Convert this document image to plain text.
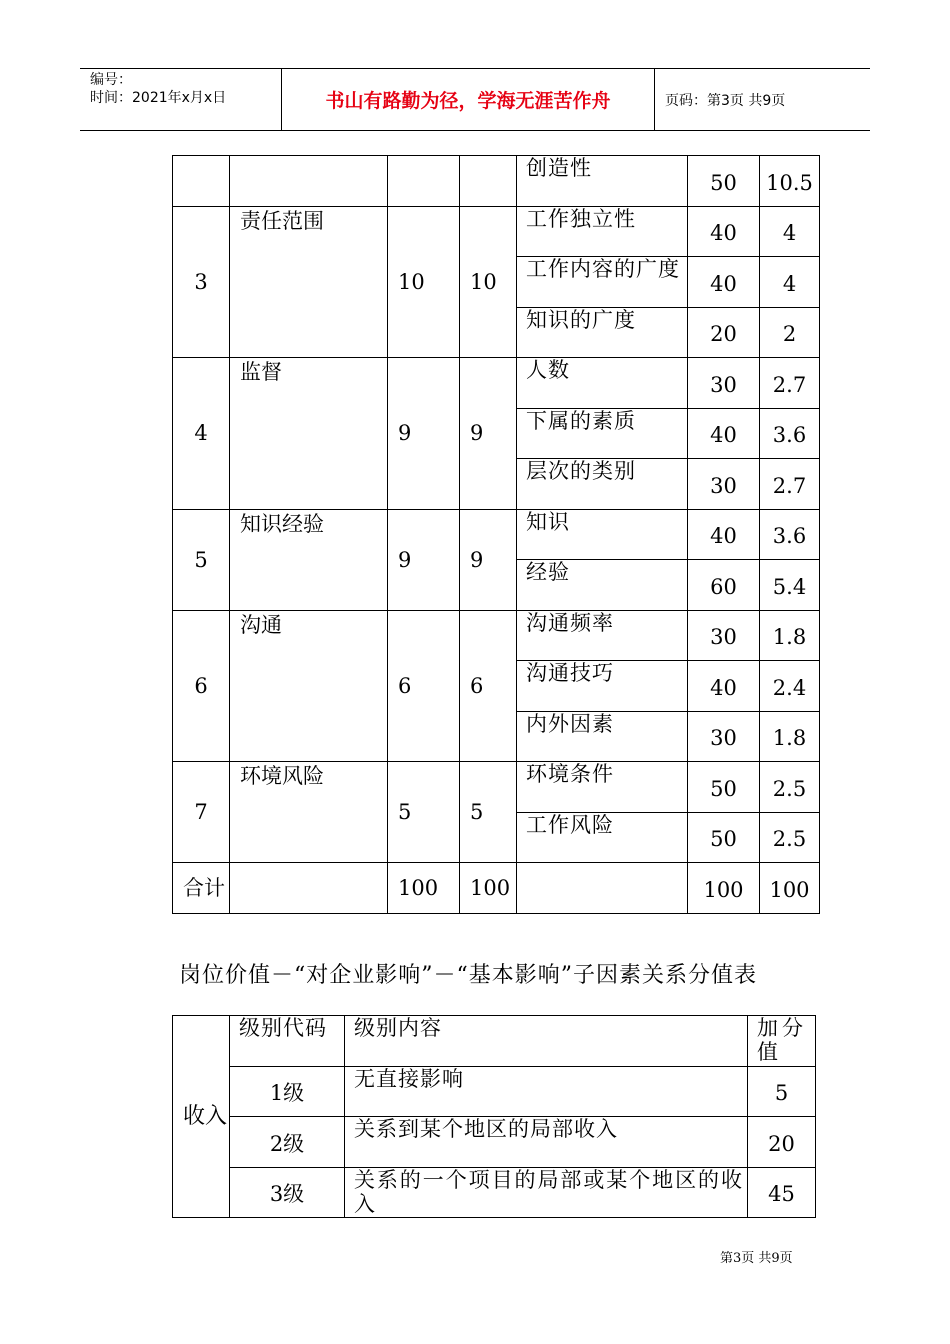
编号：
时间：2021年x月x日	书山有路勤为径，学海无涯苦作舟	页码：第3页 共9页
				创造性	50	10.5
3	责任范围	10	10	工作独立性	40	4
				工作内容的广度	40	4
				知识的广度	20	2
4	监督	9	9	人数	30	2.7
				下属的素质	40	3.6
				层次的类别	30	2.7
5	知识经验	9	9	知识	40	3.6
				经验	60	5.4
6	沟通	6	6	沟通频率	30	1.8
				沟通技巧	40	2.4
				内外因素	30	1.8
7	环境风险	5	5	环境条件	50	2.5
				工作风险	50	2.5
合计		100	100		100	100
岗位价值－“对企业影响”－“基本影响”子因素关系分值表
收入	级别代码	级别内容	加分值
	1级	无直接影响	5
	2级	关系到某个地区的局部收入	20
	3级	关系的一个项目的局部或某个地区的收入	45
第3页 共9页
